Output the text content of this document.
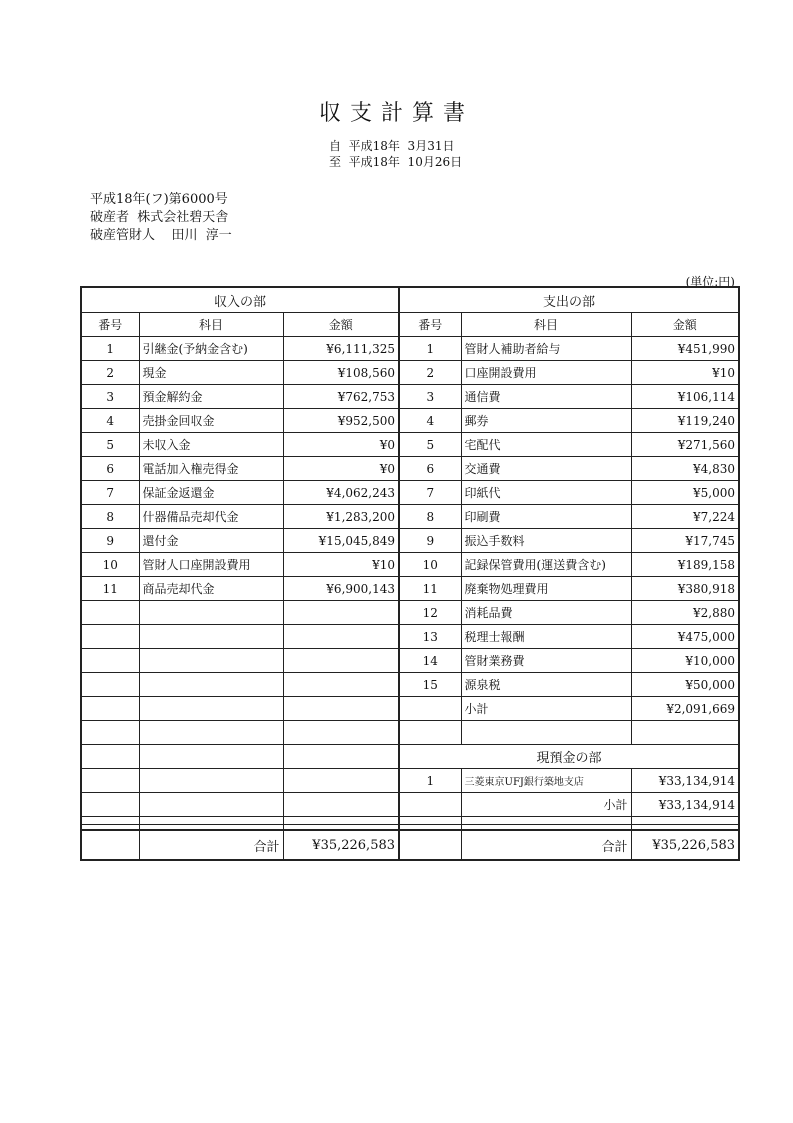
収支計算書
自 平成18年  3月31日
至 平成18年  10月26日
平成18年(フ)第6000号
破産者 株式会社碧天舎
破産管財人 田川  淳一
(単位:円)
収入の部			支出の部		
番号	科目	金額	番号	科目	金額
1	引継金(予納金含む)	¥6,111,325	1	管財人補助者給与	¥451,990
2	現金	¥108,560	2	口座開設費用	¥10
3	預金解約金	¥762,753	3	通信費	¥106,114
4	売掛金回収金	¥952,500	4	郵券	¥119,240
5	未収入金	¥0	5	宅配代	¥271,560
6	電話加入権売得金	¥0	6	交通費	¥4,830
7	保証金返還金	¥4,062,243	7	印紙代	¥5,000
8	什器備品売却代金	¥1,283,200	8	印刷費	¥7,224
9	還付金	¥15,045,849	9	振込手数料	¥17,745
10	管財人口座開設費用	¥10	10	記録保管費用(運送費含む)	¥189,158
11	商品売却代金	¥6,900,143	11	廃棄物処理費用	¥380,918
			12	消耗品費	¥2,880
			13	税理士報酬	¥475,000
			14	管財業務費	¥10,000
			15	源泉税	¥50,000
				小計	¥2,091,669

			現預金の部		
			1	三菱東京UFJ銀行築地支店	¥33,134,914
				小計	¥33,134,914

	合計	¥35,226,583		合計	¥35,226,583
